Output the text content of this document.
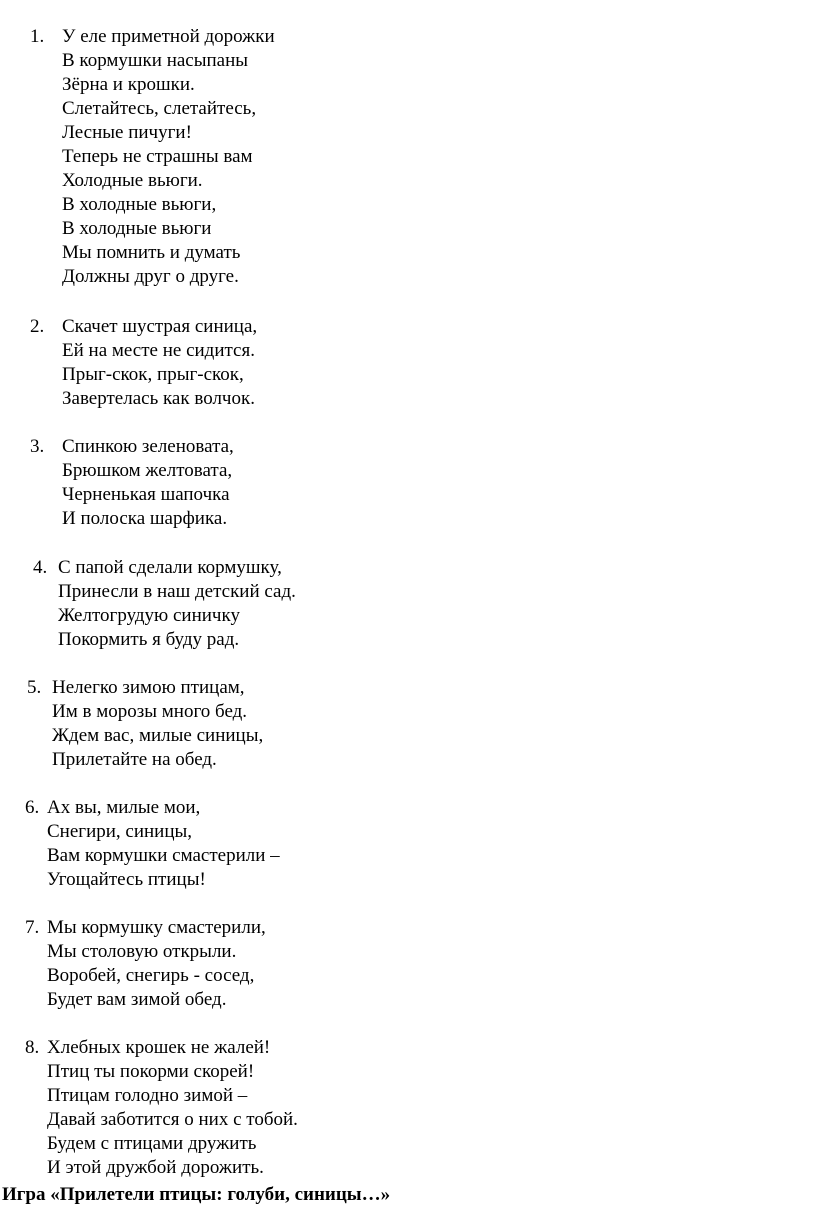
1. У еле приметной дорожки
В кормушки насыпаны
Зёрна и крошки.
Слетайтесь, слетайтесь,
Лесные пичуги!
Теперь не страшны вам
Холодные вьюги.
В холодные вьюги,
В холодные вьюги
Мы помнить и думать
Должны друг о друге.
2. Скачет шустрая синица,
Ей на месте не сидится.
Прыг-скок, прыг-скок,
Завертелась как волчок.
3. Спинкою зеленовата,
Брюшком желтовата,
Черненькая шапочка
И полоска шарфика.
4. С папой сделали кормушку,
Принесли в наш детский сад.
Желтогрудую синичку
Покормить я буду рад.
5. Нелегко зимою птицам,
Им в морозы много бед.
Ждем вас, милые синицы,
Прилетайте на обед.
6. Ах вы, милые мои,
Снегири, синицы,
Вам кормушки смастерили –
Угощайтесь птицы!
7. Мы кормушку смастерили,
Мы столовую открыли.
Воробей, снегирь - сосед,
Будет вам зимой обед.
8. Хлебных крошек не жалей!
Птиц ты покорми скорей!
Птицам голодно зимой –
Давай заботится о них с тобой.
Будем с птицами дружить
И этой дружбой дорожить.
Игра «Прилетели птицы: голуби, синицы…»
